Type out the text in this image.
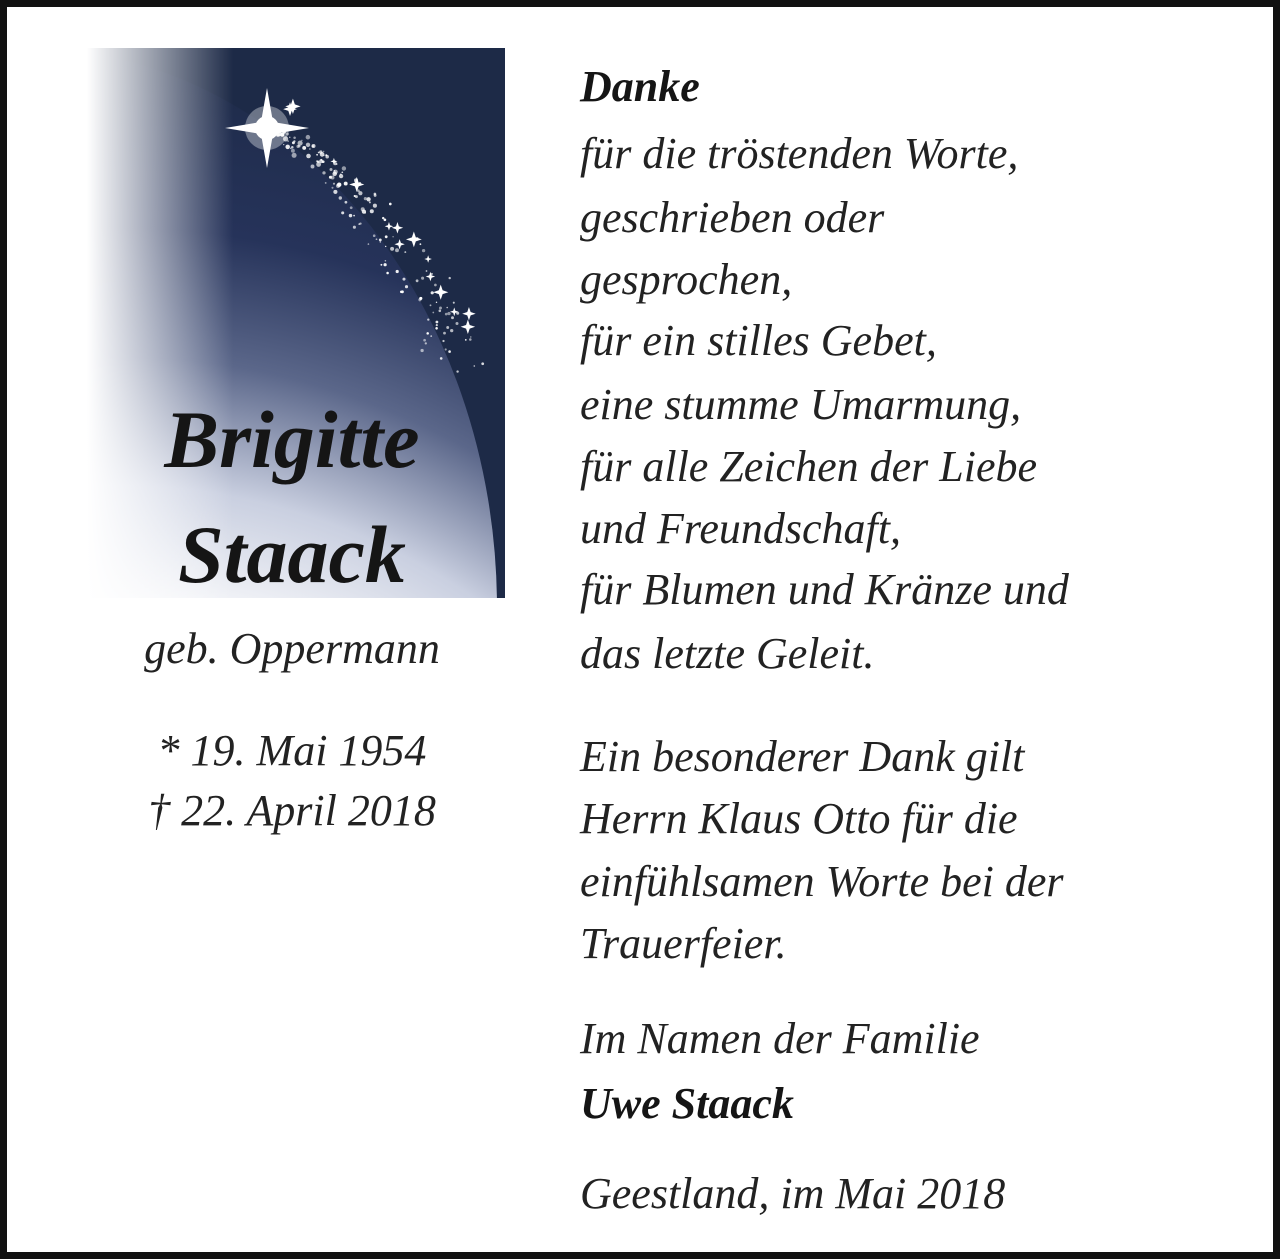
Brigitte
Staack
geb. Oppermann
* 19. Mai 1954
† 22. April 2018
Danke
für die tröstenden Worte,
geschrieben oder
gesprochen,
für ein stilles Gebet,
eine stumme Umarmung,
für alle Zeichen der Liebe
und Freundschaft,
für Blumen und Kränze und
das letzte Geleit.
Ein besonderer Dank gilt
Herrn Klaus Otto für die
einfühlsamen Worte bei der
Trauerfeier.
Im Namen der Familie
Uwe Staack
Geestland, im Mai 2018
